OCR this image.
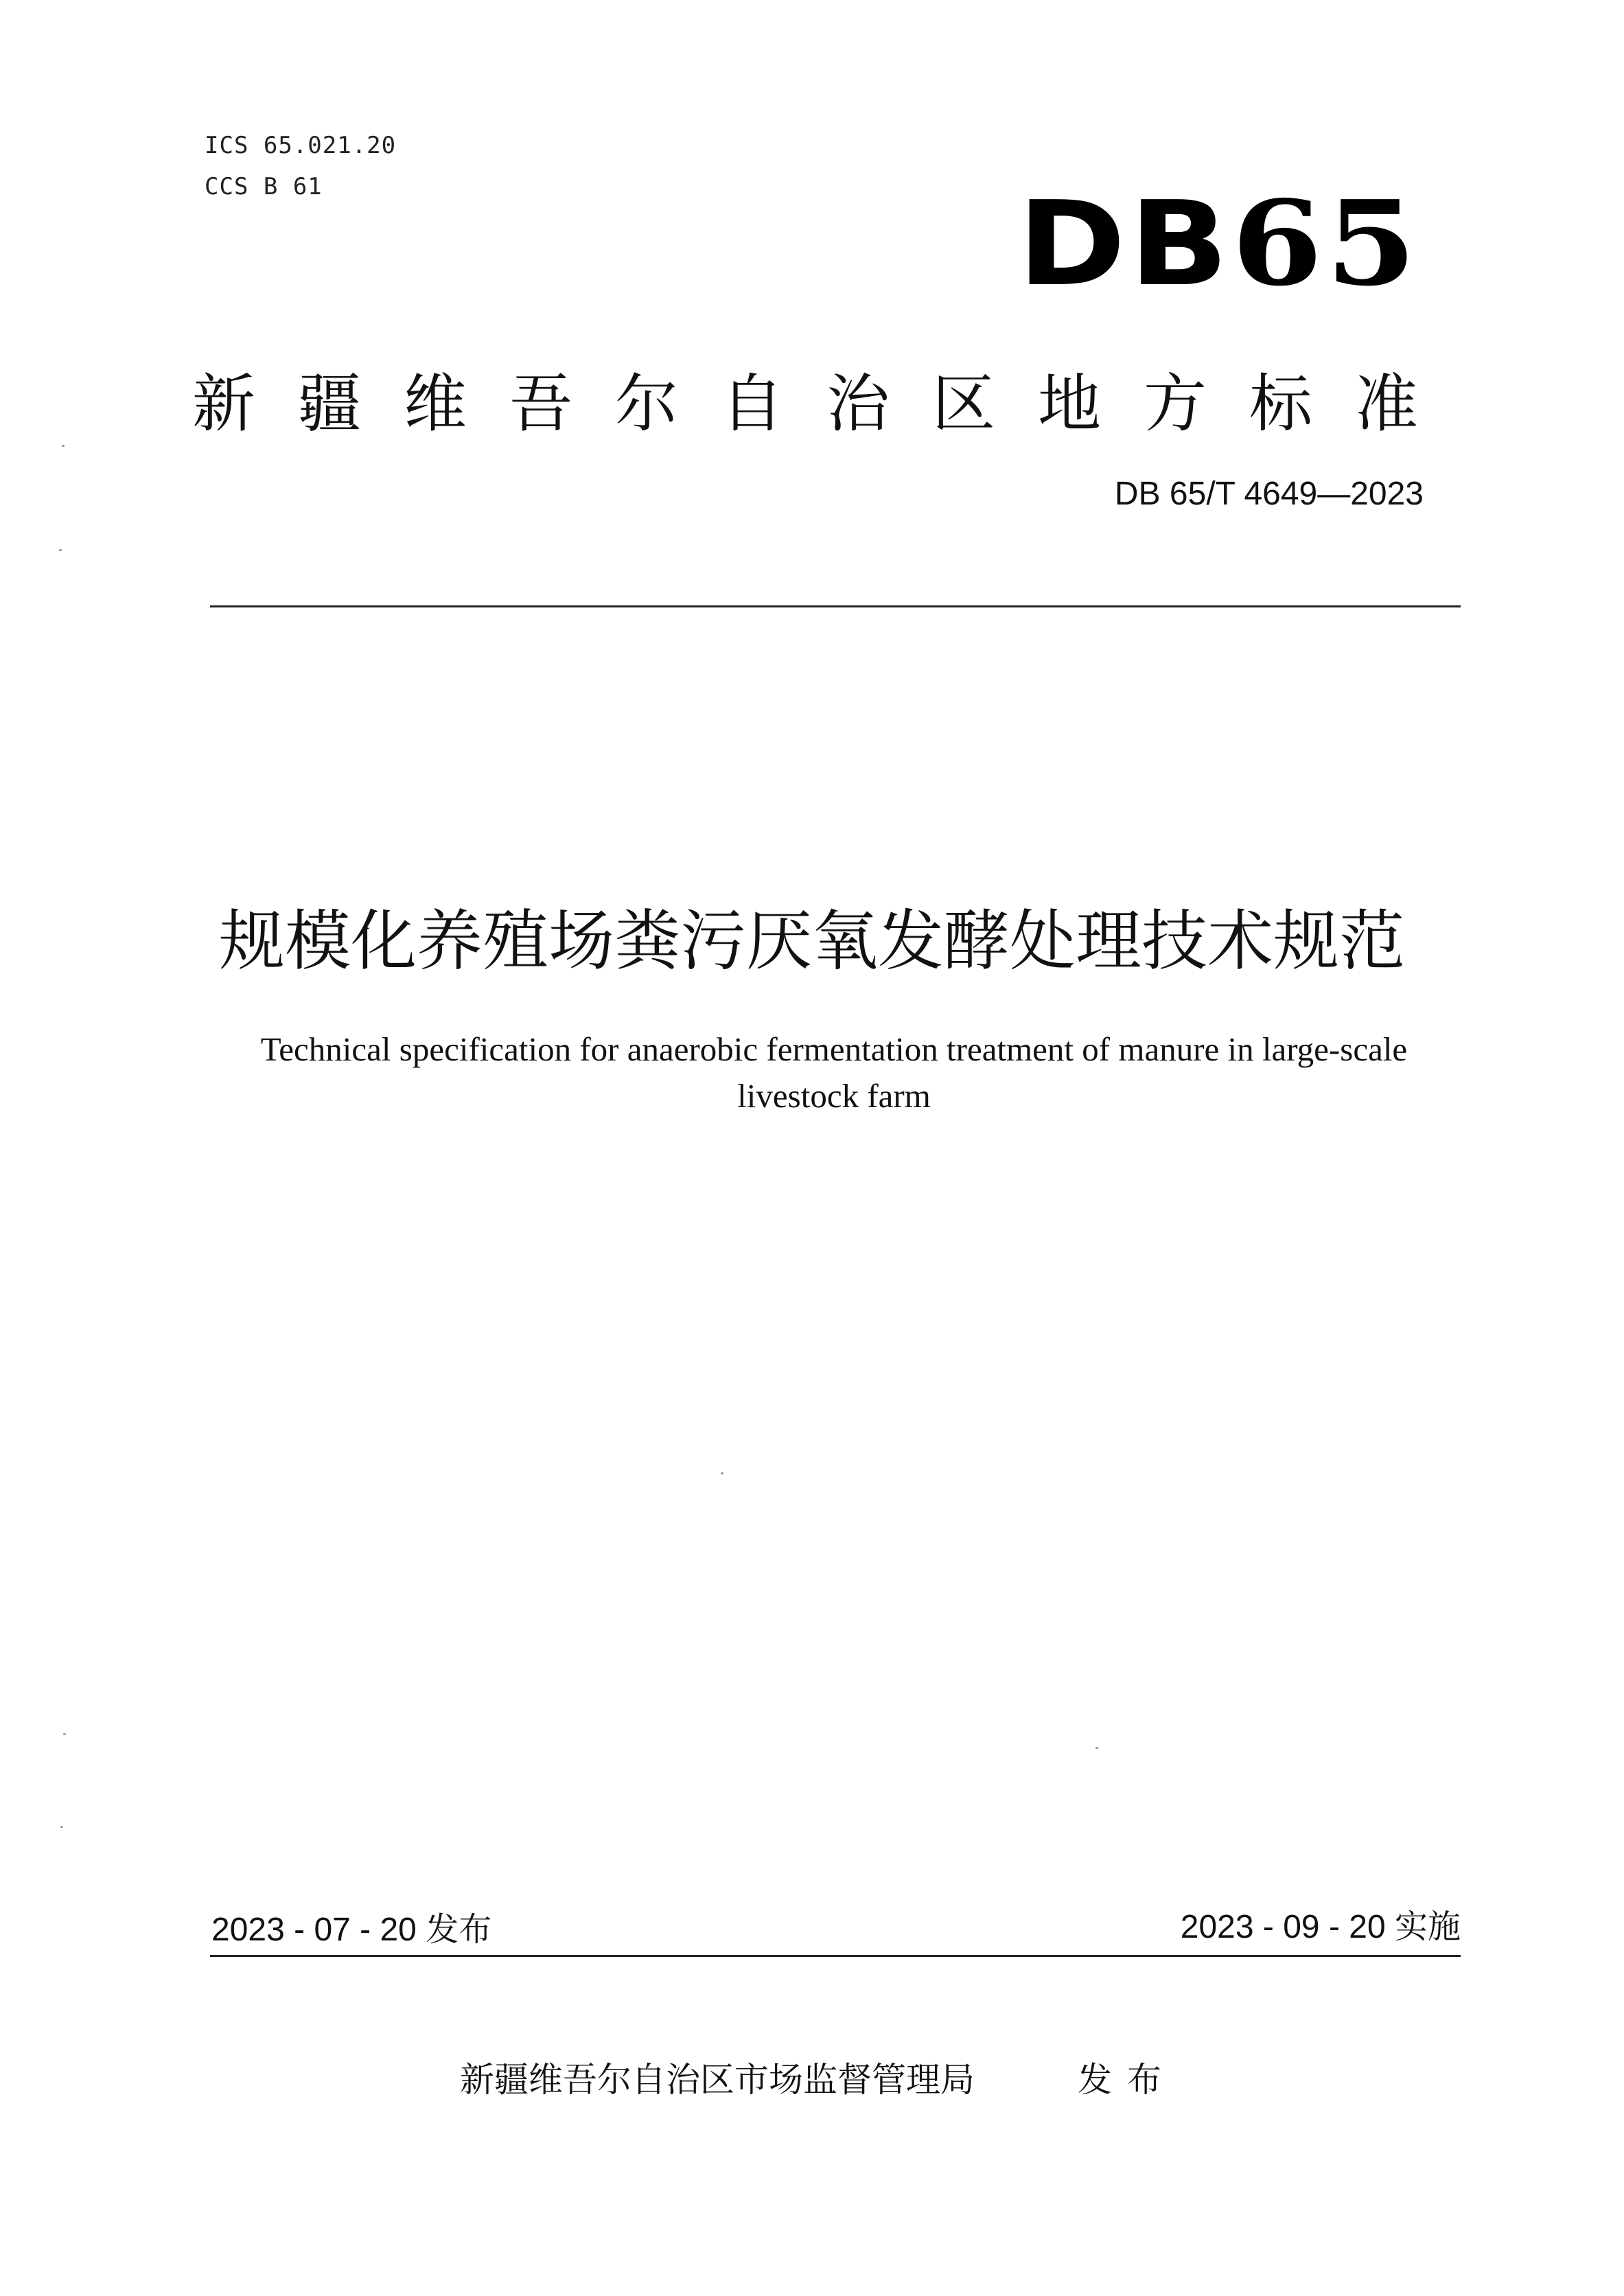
ICS 65.021.20
CCS B 61	DB65
新疆维吾尔自治区地方标准
DB 65/T 4649—2023
规模化养殖场粪污厌氧发酵处理技术规范
Technical specification for anaerobic fermentation treatment of manure in large-scale
livestock farm
2023 - 07 - 20 发布	2023 - 09 - 20 实施
新疆维吾尔自治区市场监督管理局	发布
